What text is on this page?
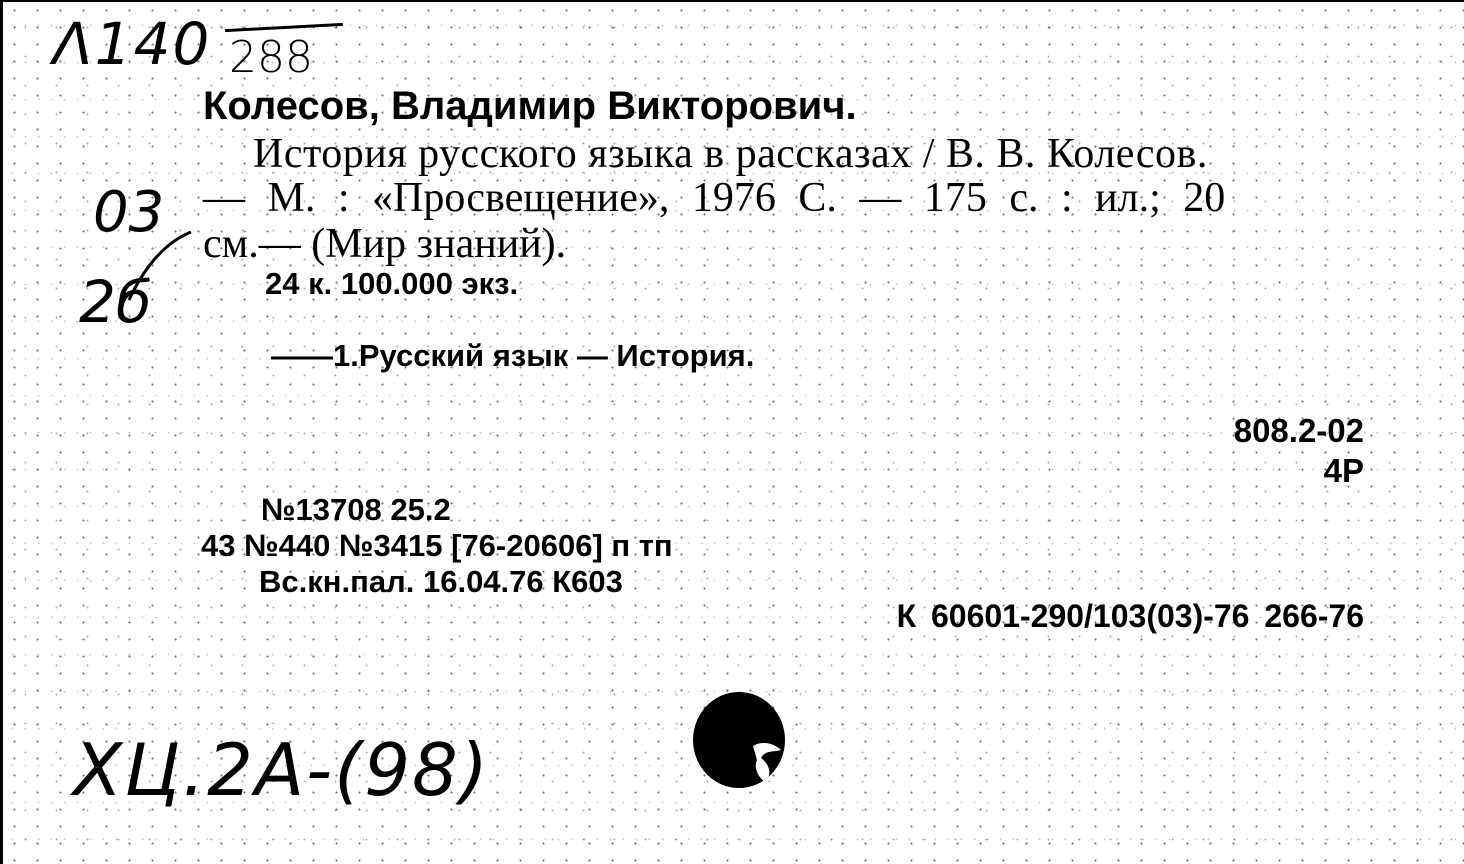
Λ140 288
03
2б

Колесов, Владимир Викторович.

История русского языка в рассказах / В. В. Колесов.

— М. : «Просвещение», 1976 С. — 175 с. : ил.; 20

см.— (Мир знаний).

24 к. 100.000 экз.

——1.Русский язык — История.

808.2-02

4Р

№13708 25.2

43 №440 №3415 [76-20606] п тп

Вс.кн.пал. 16.04.76 К603

К 60601-290/103(03)-76 266-76

ХЦ.2А-(98)
